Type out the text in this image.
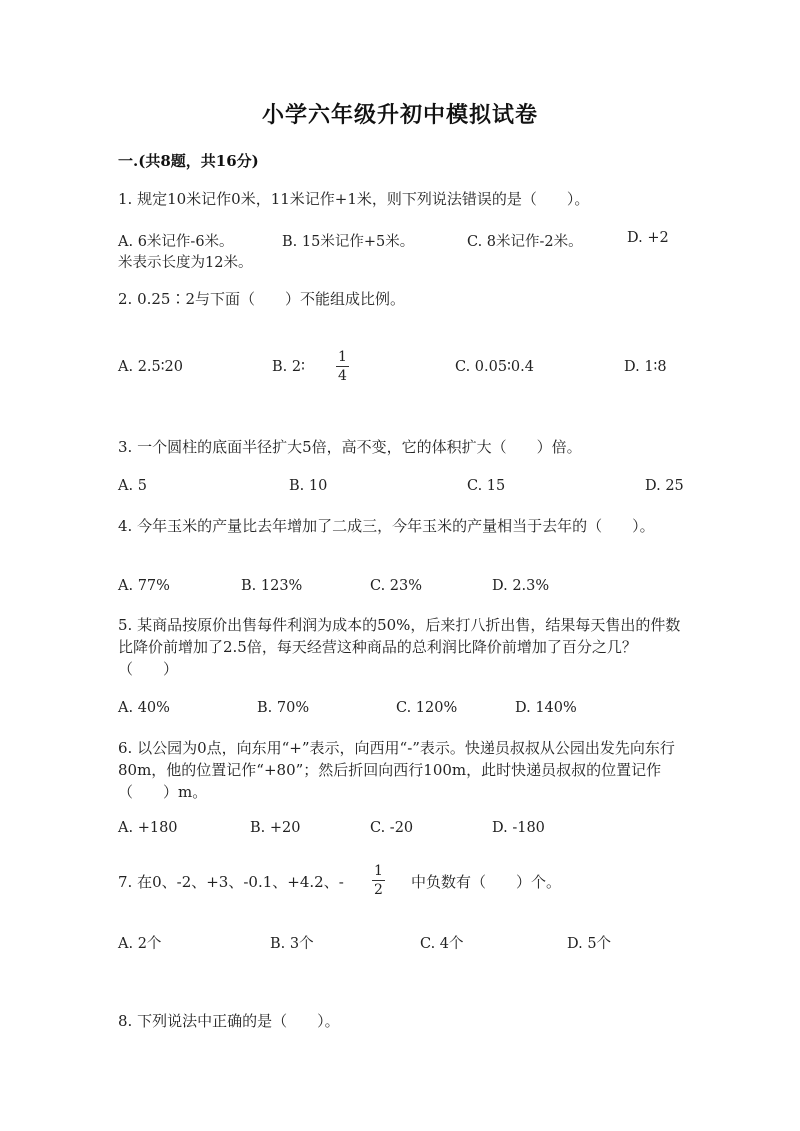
小学六年级升初中模拟试卷
一.(共8题，共16分)
1. 规定10米记作0米，11米记作+1米，则下列说法错误的是（　　）。
A. 6米记作-6米。	B. 15米记作+5米。	C. 8米记作-2米。	D. +2
米表示长度为12米。
2. 0.25∶2与下面（　　）不能组成比例。
A. 2.5∶20	B. 2∶ $\frac{1}{4}$	C. 0.05∶0.4	D. 1∶8
3. 一个圆柱的底面半径扩大5倍，高不变，它的体积扩大（　　）倍。
A. 5	B. 10	C. 15	D. 25
4. 今年玉米的产量比去年增加了二成三，今年玉米的产量相当于去年的（　　）。
A. 77%	B. 123%	C. 23%	D. 2.3%
5. 某商品按原价出售每件利润为成本的50%，后来打八折出售，结果每天售出的件数比降价前增加了2.5倍，每天经营这种商品的总利润比降价前增加了百分之几？（　　）
A. 40%	B. 70%	C. 120%	D. 140%
6. 以公园为0点，向东用“+”表示，向西用“-”表示。快递员叔叔从公园出发先向东行80m，他的位置记作“+80”；然后折回向西行100m，此时快递员叔叔的位置记作（　　）m。
A. +180	B. +20	C. -20	D. -180
7. 在0、-2、+3、-0.1、+4.2、- $\frac{1}{2}$ 中负数有（　　）个。
A. 2个	B. 3个	C. 4个	D. 5个
8. 下列说法中正确的是（　　）。
